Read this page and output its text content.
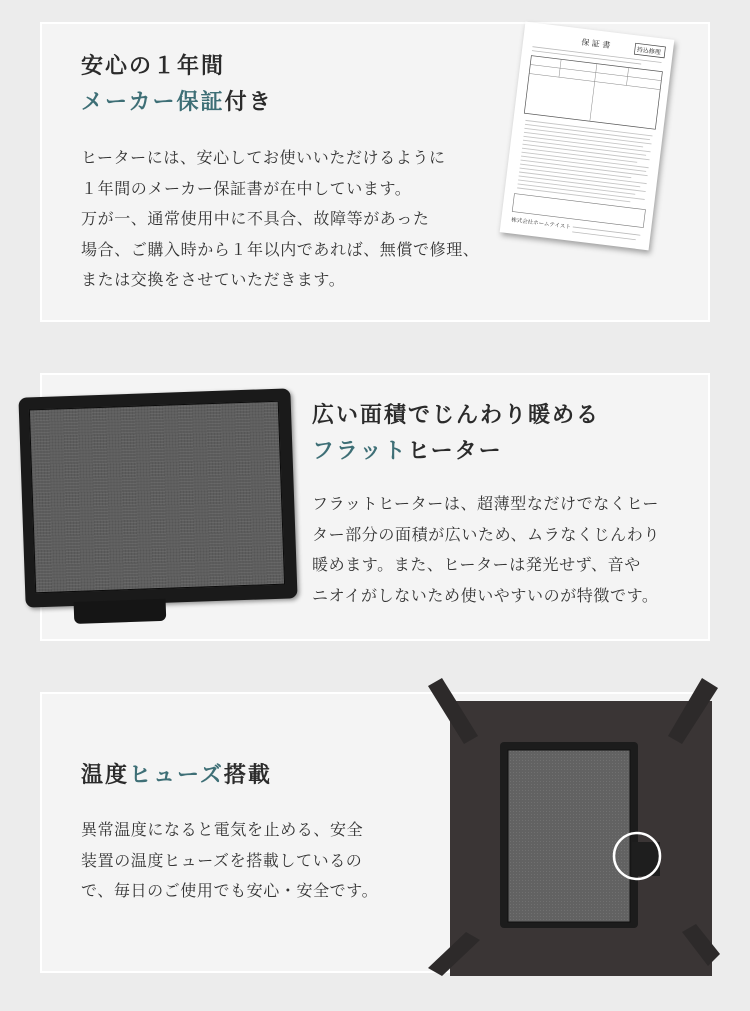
安心の１年間
メーカー保証付き
ヒーターには、安心してお使いいただけるように
１年間のメーカー保証書が在中しています。
万が一、通常使用中に不具合、故障等があった
場合、ご購入時から１年以内であれば、無償で修理、
または交換をさせていただきます。
保 証 書
持込修理
株式会社ホームテイスト
広い面積でじんわり暖める
フラットヒーター
フラットヒーターは、超薄型なだけでなくヒー
ター部分の面積が広いため、ムラなくじんわり
暖めます。また、ヒーターは発光せず、音や
ニオイがしないため使いやすいのが特徴です。
温度ヒューズ搭載
異常温度になると電気を止める、安全
装置の温度ヒューズを搭載しているの
で、毎日のご使用でも安心・安全です。
